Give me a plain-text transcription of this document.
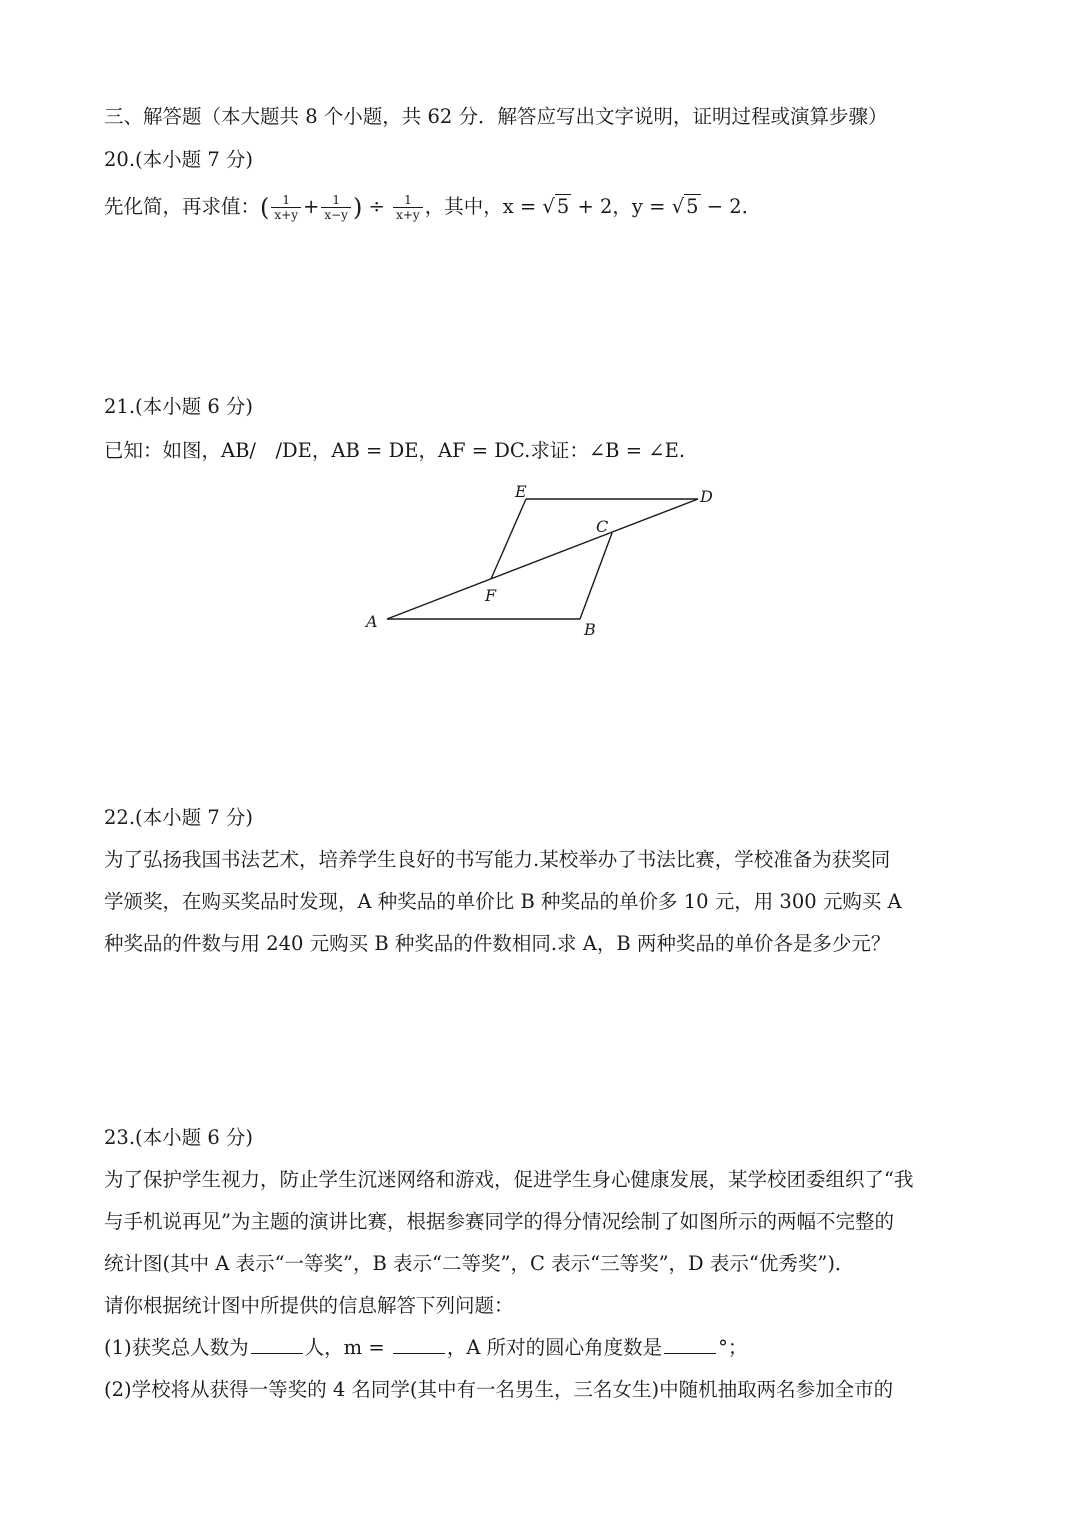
三、解答题（本大题共 8 个小题，共 62 分．解答应写出文字说明，证明过程或演算步骤）
20.(本小题 7 分)
先化简，再求值：( $\frac{1}{x+y} + \frac{1}{x-y}$ ) ÷ $\frac{1}{x+y}$ ，其中，x = √ 5 + 2，y = √ 5 − 2．
21.(本小题 6 分)
已知：如图，AB/　/DE，AB = DE，AF = DC.求证：∠B = ∠E.
A	B
C
D
E
F
22.(本小题 7 分)
为了弘扬我国书法艺术，培养学生良好的书写能力.某校举办了书法比赛，学校准备为获奖同
学颁奖，在购买奖品时发现，A 种奖品的单价比 B 种奖品的单价多 10 元，用 300 元购买 A
种奖品的件数与用 240 元购买 B 种奖品的件数相同.求 A，B 两种奖品的单价各是多少元？
23.(本小题 6 分)
为了保护学生视力，防止学生沉迷网络和游戏，促进学生身心健康发展，某学校团委组织了“我
与手机说再见”为主题的演讲比赛，根据参赛同学的得分情况绘制了如图所示的两幅不完整的
统计图(其中 A 表示“一等奖”，B 表示“二等奖”，C 表示“三等奖”，D 表示“优秀奖”)．
请你根据统计图中所提供的信息解答下列问题：
(1)获奖总人数为	人，m =	，A 所对的圆心角度数是	°；
(2)学校将从获得一等奖的 4 名同学(其中有一名男生，三名女生)中随机抽取两名参加全市的
